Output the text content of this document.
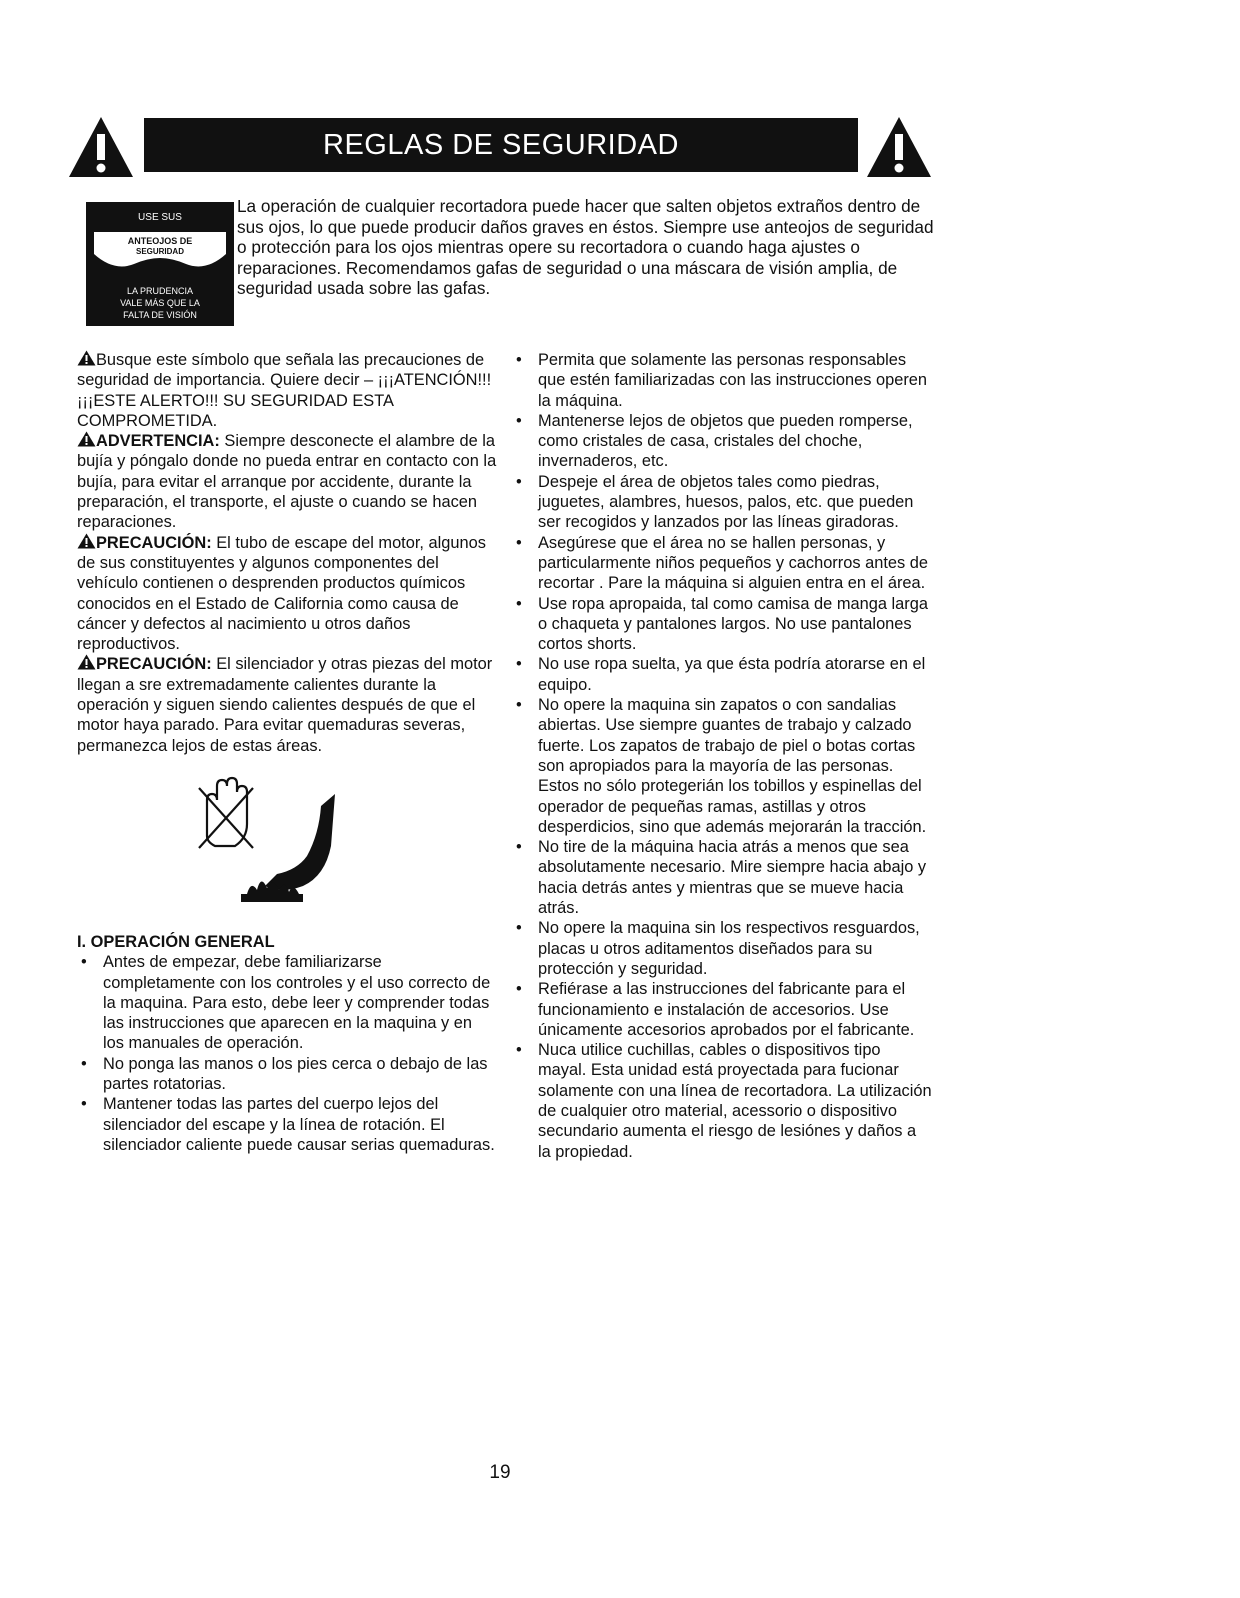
REGLAS DE SEGURIDAD
USE SUS
ANTEOJOS DE
SEGURIDAD
LA PRUDENCIA
VALE MÁS QUE LA
FALTA DE VISIÓN

La operación de cualquier recortadora puede hacer que salten objetos extraños dentro de sus ojos, lo que puede producir daños graves en éstos. Siempre use anteojos de seguridad o protección para los ojos mientras opere su recortadora o cuando haga ajustes o reparaciones. Recomendamos gafas de seguridad o una máscara de visión amplia, de seguridad usada sobre las gafas.

Busque este símbolo que señala las precauciones de seguridad de importancia. Quiere decir – ¡¡¡ATENCIÓN!!!¡¡¡ESTE ALERTO!!! SU SEGURIDAD ESTA COMPROMETIDA.

ADVERTENCIA: Siempre desconecte el alambre de la bujía y póngalo donde no pueda entrar en contacto con la bujía, para evitar el arranque por accidente, durante la preparación, el transporte, el ajuste o cuando se hacen reparaciones.

PRECAUCIÓN: El tubo de escape del motor, algunos de sus constituyentes y algunos componentes del vehículo contienen o desprenden productos químicos conocidos en el Estado de California como causa de cáncer y defectos al nacimiento u otros daños reproductivos.

PRECAUCIÓN: El silenciador y otras piezas del motor llegan a sre extremadamente calientes durante la operación y siguen siendo calientes después de que el motor haya parado. Para evitar quemaduras severas, permanezca lejos de estas áreas.

I. OPERACIÓN GENERAL

• Antes de empezar, debe familiarizarse completamente con los controles y el uso correcto de la maquina. Para esto, debe leer y comprender todas las instrucciones que aparecen en la maquina y en los manuales de operación.
• No ponga las manos o los pies cerca o debajo de las partes rotatorias.
• Mantener todas las partes del cuerpo lejos del silenciador del escape y la línea de rotación. El silenciador caliente puede causar serias quemaduras.
• Permita que solamente las personas responsables que estén familiarizadas con las instrucciones operen la máquina.
• Mantenerse lejos de objetos que pueden romperse, como cristales de casa, cristales del choche, invernaderos, etc.
• Despeje el área de objetos tales como piedras, juguetes, alambres, huesos, palos, etc. que pueden ser recogidos y lanzados por las líneas giradoras.
• Asegúrese que el área no se hallen personas, y particularmente niños pequeños y cachorros antes de recortar . Pare la máquina si alguien entra en el área.
• Use ropa apropaida, tal como camisa de manga larga o chaqueta y pantalones largos. No use pantalones cortos shorts.
• No use ropa suelta, ya que ésta podría atorarse en el equipo.
• No opere la maquina sin zapatos o con sandalias abiertas. Use siempre guantes de trabajo y calzado fuerte. Los zapatos de trabajo de piel o botas cortas son apropiados para la mayoría de las personas. Estos no sólo protegerián los tobillos y espinellas del operador de pequeñas ramas, astillas y otros desperdicios, sino que además mejorarán la tracción.
• No tire de la máquina hacia atrás a menos que sea absolutamente necesario. Mire siempre hacia abajo y hacia detrás antes y mientras que se mueve hacia atrás.
• No opere la maquina sin los respectivos resguardos, placas u otros aditamentos diseñados para su protección y seguridad.
• Refiérase a las instrucciones del fabricante para el funcionamiento e instalación de accesorios. Use únicamente accesorios aprobados por el fabricante.
• Nuca utilice cuchillas, cables o dispositivos tipo mayal. Esta unidad está proyectada para fucionar solamente con una línea de recortadora. La utilización de cualquier otro material, acessorio o dispositivo secundario aumenta el riesgo de lesiónes y daños a la propiedad.
19
